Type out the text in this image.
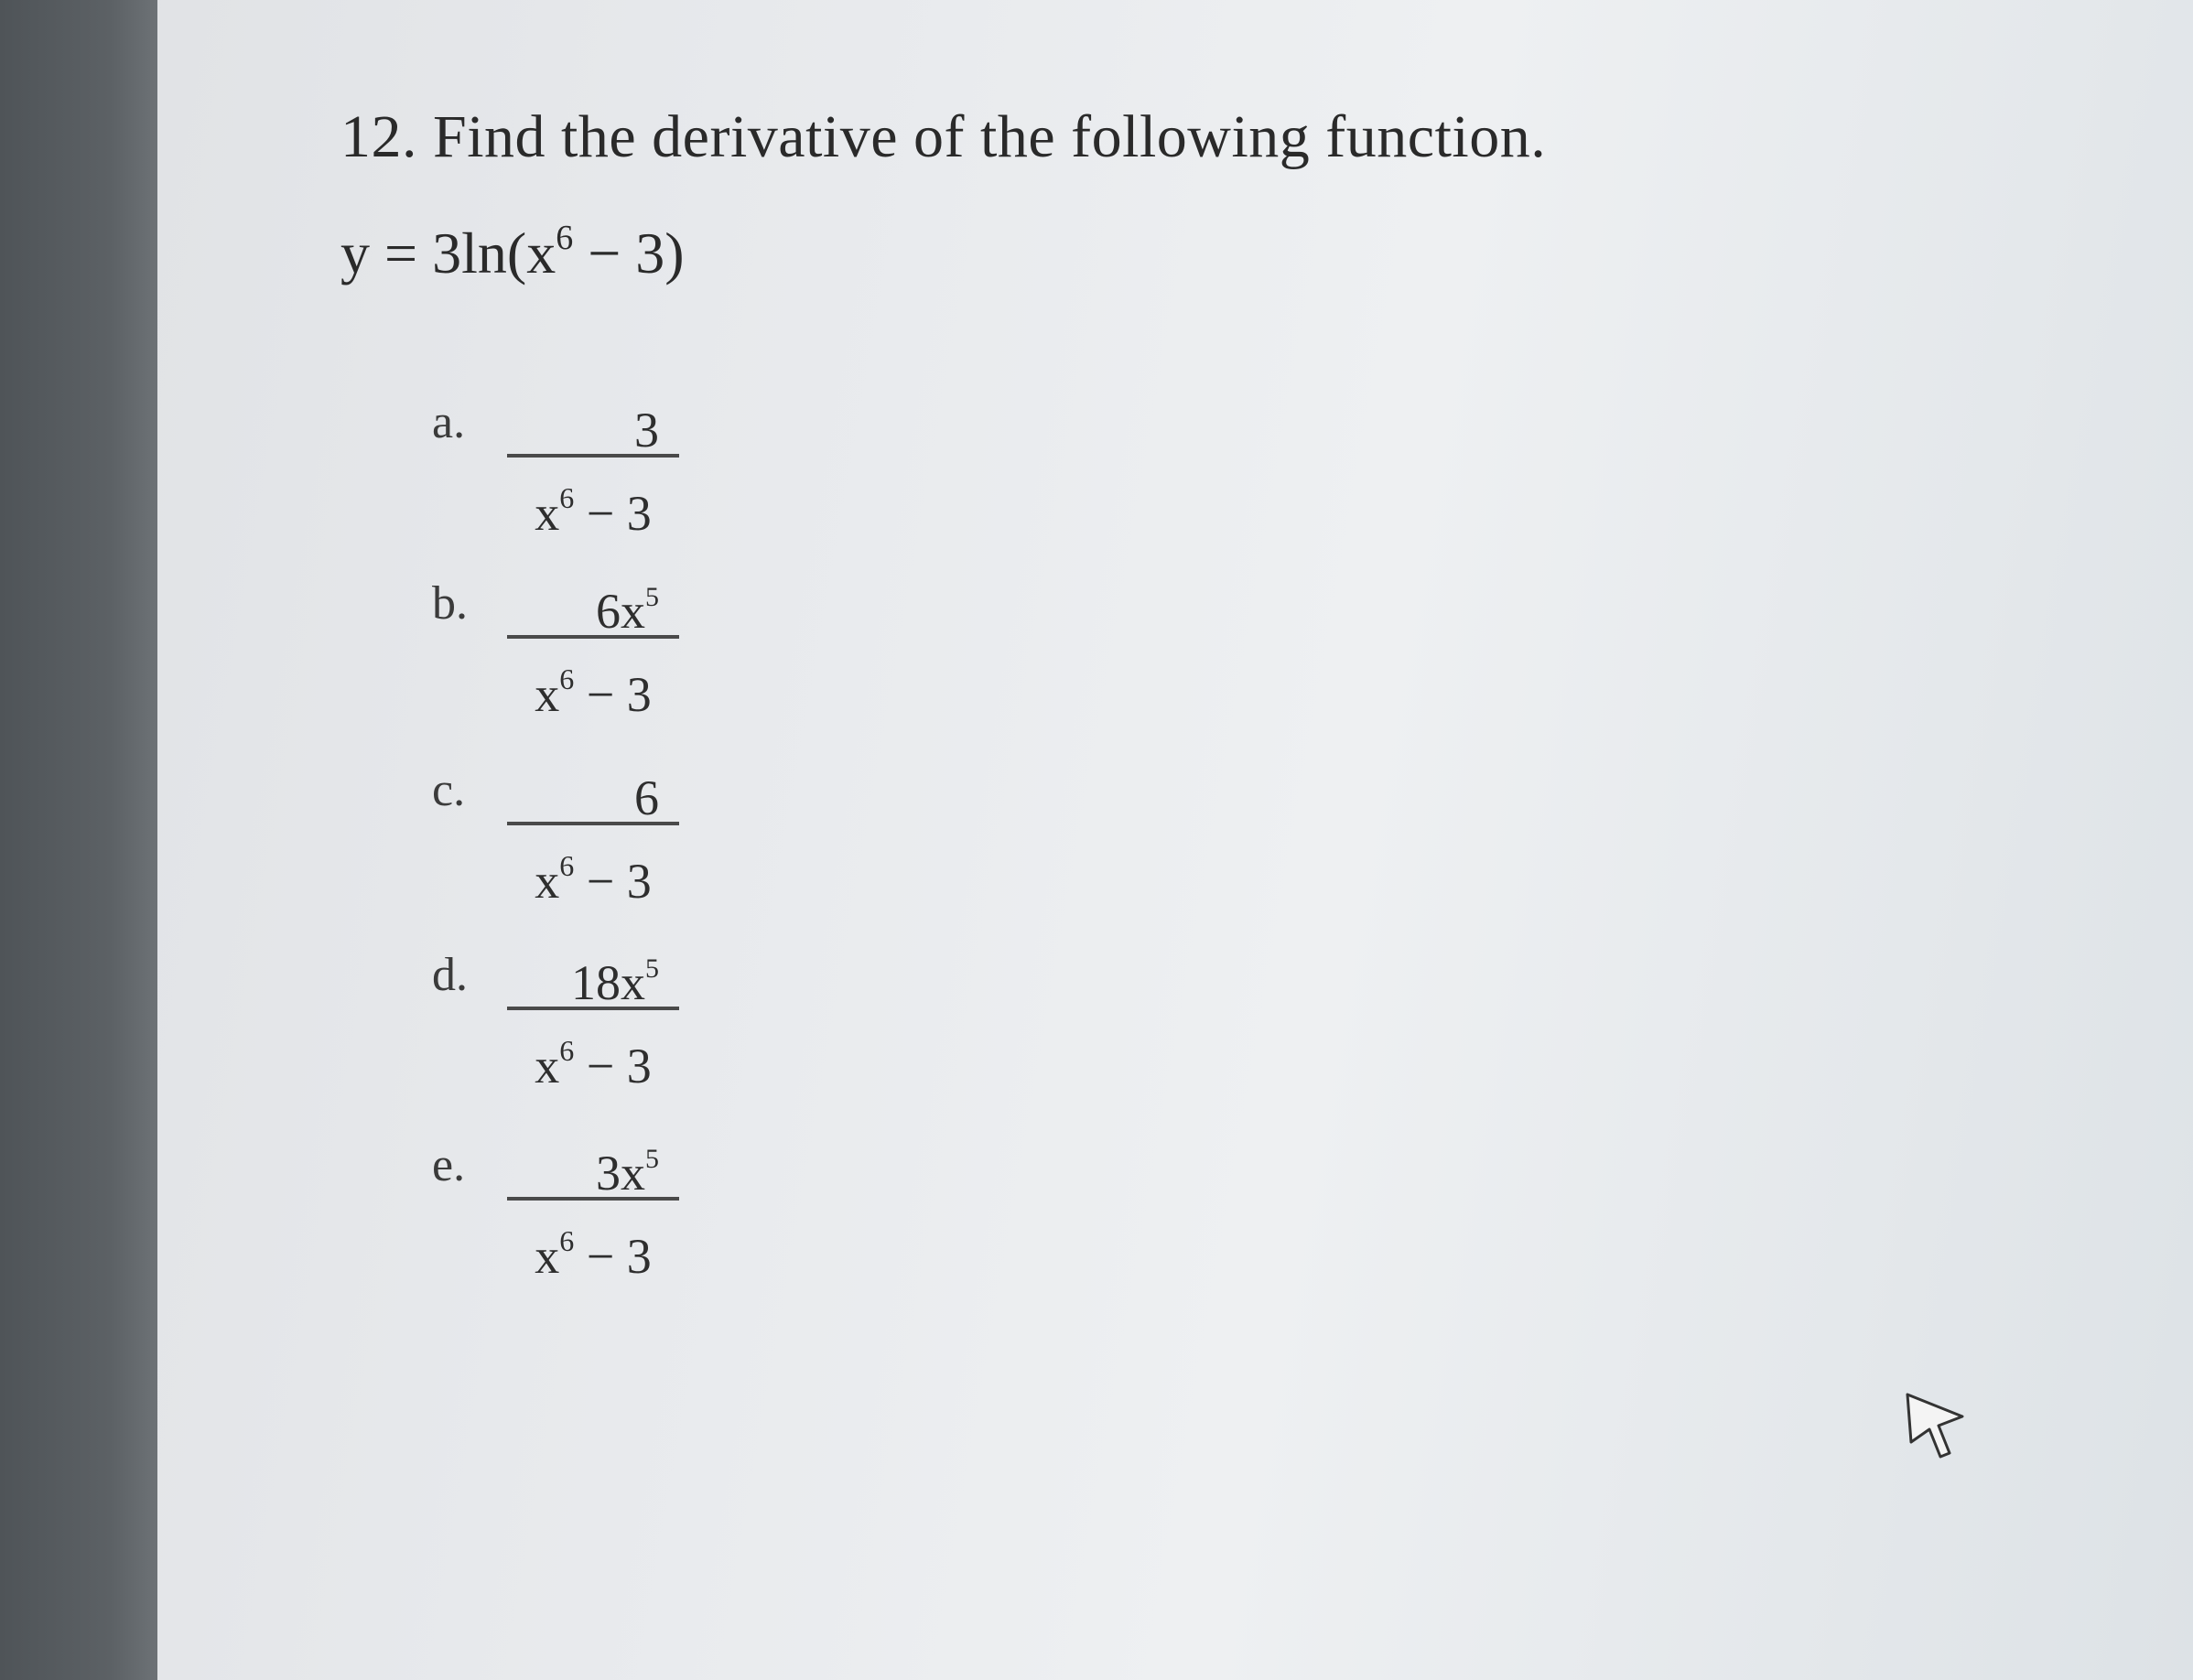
12. Find the derivative of the following function.
$y = 3\ln(x^6 - 3)$
a.	3
$x^6 - 3$
b.	$6x^5$
$x^6 - 3$
c.	6
$x^6 - 3$
d.	$18x^5$
$x^6 - 3$
e.	$3x^5$
$x^6 - 3$
